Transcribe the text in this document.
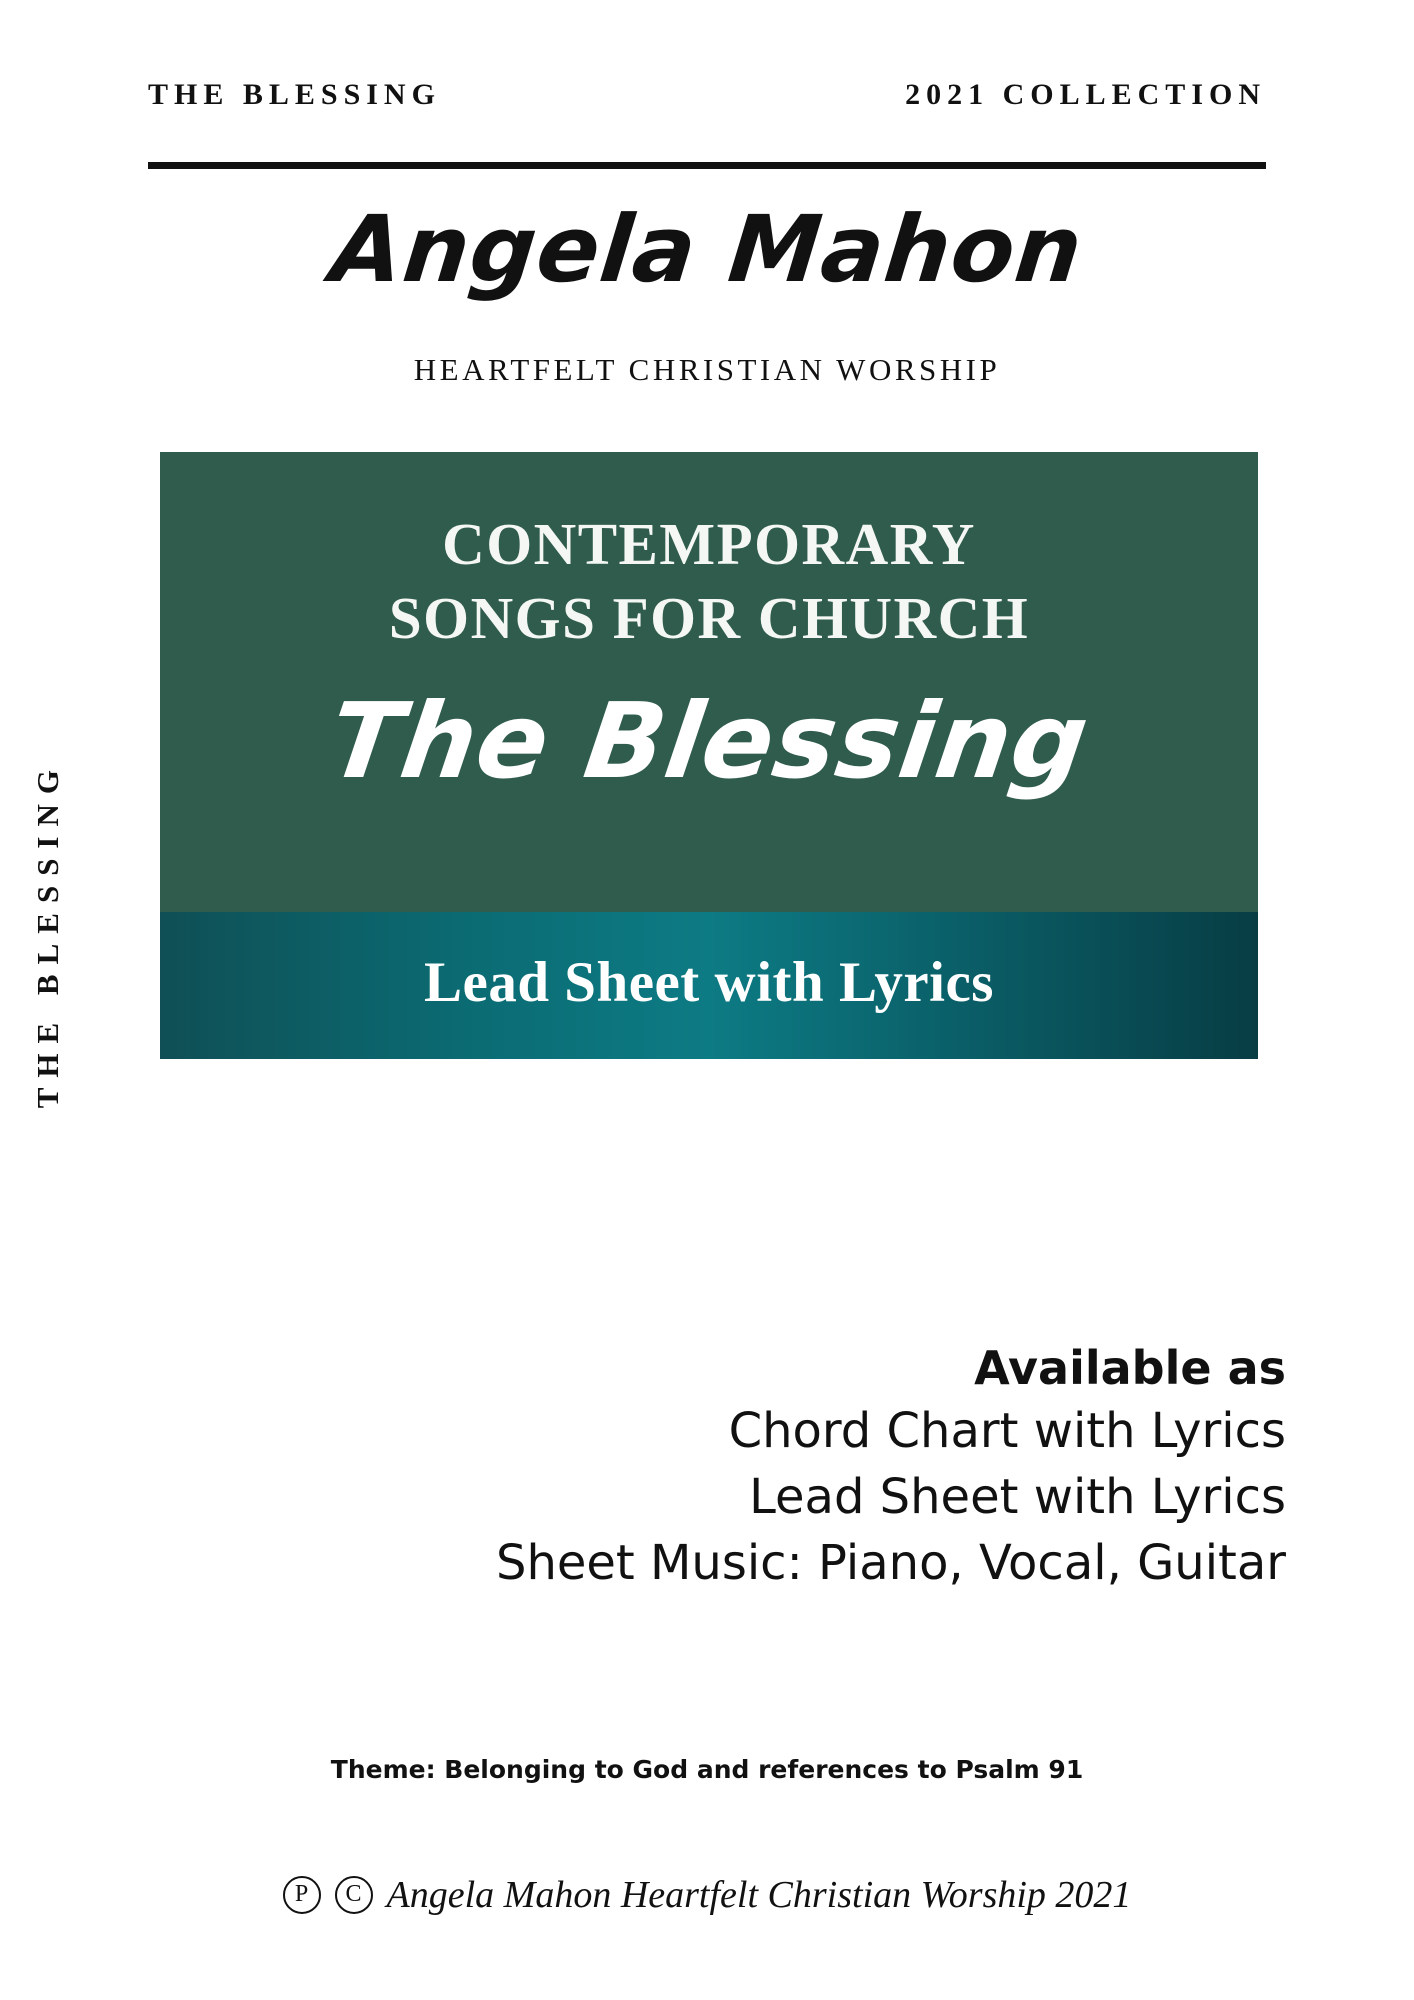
THE BLESSING	2021 COLLECTION
Angela Mahon
HEARTFELT CHRISTIAN WORSHIP
CONTEMPORARY
SONGS FOR CHURCH
The Blessing
Lead Sheet with Lyrics
THE BLESSING
Available as
Chord Chart with Lyrics
Lead Sheet with Lyrics
Sheet Music: Piano, Vocal, Guitar
Theme: Belonging to God and references to Psalm 91
P	C Angela Mahon Heartfelt Christian Worship 2021
